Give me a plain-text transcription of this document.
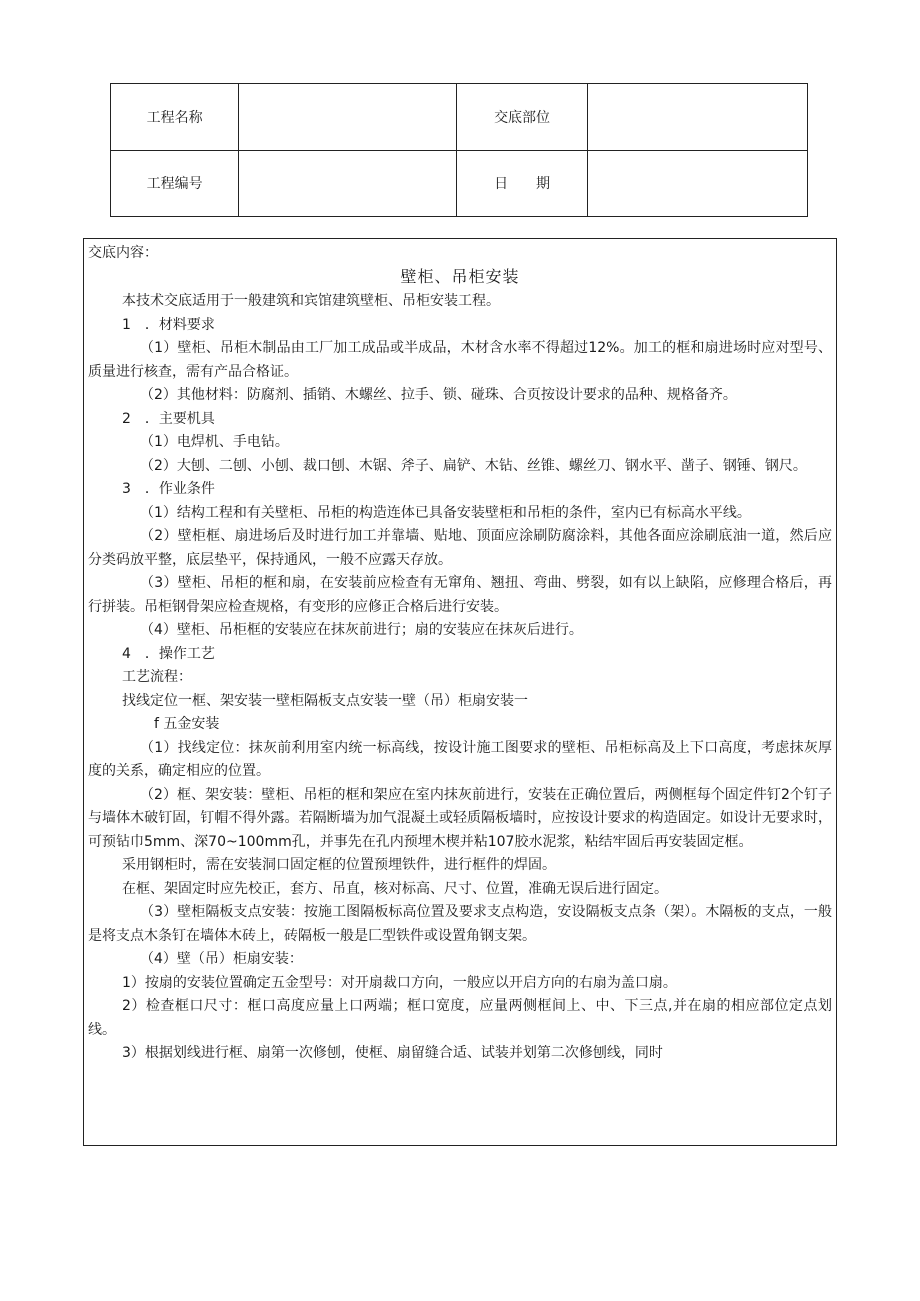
工程名称		交底部位	
工程编号		日　　期	
交底内容：
壁柜、吊柜安装

本技术交底适用于一般建筑和宾馆建筑壁柜、吊柜安装工程。

1　．材料要求

（1）壁柜、吊柜木制品由工厂加工成品或半成品，木材含水率不得超过12%。加工的框和扇进场时应对型号、质量进行核查，需有产品合格证。

（2）其他材料：防腐剂、插销、木螺丝、拉手、锁、碰珠、合页按设计要求的品种、规格备齐。

2　．主要机具

（1）电焊机、手电钻。

（2）大刨、二刨、小刨、裁口刨、木锯、斧子、扁铲、木钻、丝锥、螺丝刀、钢水平、凿子、钢锤、钢尺。

3　．作业条件

（1）结构工程和有关壁柜、吊柜的构造连体已具备安装壁柜和吊柜的条件，室内已有标高水平线。

（2）壁柜框、扇进场后及时进行加工并靠墙、贴地、顶面应涂刷防腐涂料，其他各面应涂刷底油一道，然后应分类码放平整，底层垫平，保持通风，一般不应露天存放。

（3）壁柜、吊柜的框和扇，在安装前应检查有无窜角、翘扭、弯曲、劈裂，如有以上缺陷，应修理合格后，再行拼装。吊柜钢骨架应检查规格，有变形的应修正合格后进行安装。

（4）壁柜、吊柜框的安装应在抹灰前进行；扇的安装应在抹灰后进行。

4　．操作工艺

工艺流程：

找线定位一框、架安装一壁柜隔板支点安装一壁（吊）柜扇安装一

f 五金安装

（1）找线定位：抹灰前利用室内统一标高线，按设计施工图要求的壁柜、吊柜标高及上下口高度，考虑抹灰厚度的关系，确定相应的位置。

（2）框、架安装：壁柜、吊柜的框和架应在室内抹灰前进行，安装在正确位置后，两侧框每个固定件钉2个钉子与墙体木破钉固，钉帽不得外露。若隔断墙为加气混凝土或轻质隔板墙时，应按设计要求的构造固定。如设计无要求时，可预钻巾5mm、深70~100mm孔，并事先在孔内预埋木楔并粘107胶水泥浆，粘结牢固后再安装固定框。

采用钢柜时，需在安装洞口固定框的位置预埋铁件，进行框件的焊固。

在框、架固定时应先校正，套方、吊直，核对标高、尺寸、位置，准确无误后进行固定。

（3）壁柜隔板支点安装：按施工图隔板标高位置及要求支点构造，安设隔板支点条（架）。木隔板的支点，一般是将支点木条钉在墙体木砖上，砖隔板一般是匚型铁件或设置角钢支架。

（4）壁（吊）柜扇安装：

1）按扇的安装位置确定五金型号：对开扇裁口方向，一般应以开启方向的右扇为盖口扇。

2）检查框口尺寸：框口高度应量上口两端；框口宽度，应量两侧框间上、中、下三点,并在扇的相应部位定点划线。

3）根据划线进行框、扇第一次修刨，使框、扇留缝合适、试装并划第二次修刨线，同时
